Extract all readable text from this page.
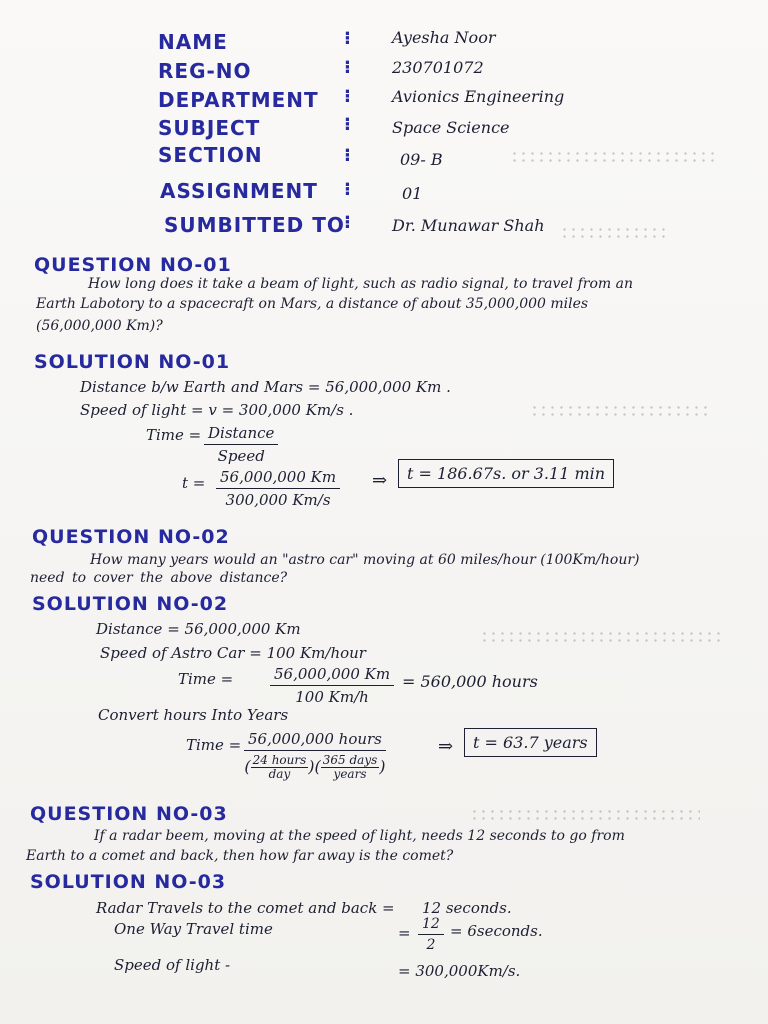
NAME	⁝	Ayesha Noor
REG-NO	⁝	230701072
DEPARTMENT ⁝	Avionics Engineering
SUBJECT	⁝	Space Science
SECTION	⁝	09- B
ASSIGNMENT ⁝	01
SUMBITTED TO ⁝	Dr. Munawar Shah
QUESTION NO-01
How long does it take a beam of light, such as radio signal, to travel from an
Earth Labotory to a spacecraft on Mars, a distance of about 35,000,000 miles
(56,000,000 Km)?
SOLUTION NO-01
Distance b/w Earth and Mars = 56,000,000 Km .
Speed of light = v = 300,000 Km/s .
Time = Distance
Speed
$t = \frac{56,000,000 Km}{300,000 Km/s}$ ⇒	t = 186.67s. or 3.11 min
QUESTION NO-02
How many years would an "astro car" moving at 60 miles/hour (100Km/hour)
need to cover the above distance?
SOLUTION NO-02
Distance = 56,000,000 Km
Speed of Astro Car = 100 Km/hour
Time = $\frac{56,000,000 Km}{100 Km/h} = 560,000$ hours
Convert hours Into Years
Time = 56,000,000 hours
( 24 hours
day	)( 365 days
years )
⇒	t = 63.7 years
QUESTION NO-03
If a radar beem, moving at the speed of light, needs 12 seconds to go from
Earth to a comet and back, then how far away is the comet?
SOLUTION NO-03
Radar Travels to the comet and back = 12 seconds.
One Way Travel time	= $\frac{12}{2}$ = 6seconds.
Speed of light -	= 300,000Km/s.
